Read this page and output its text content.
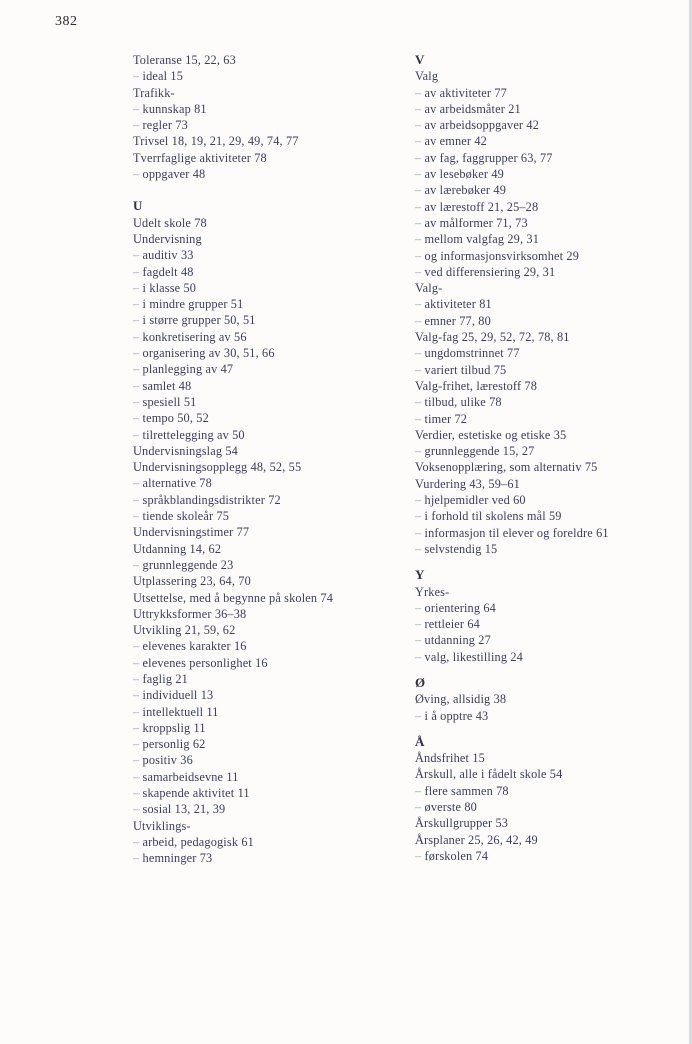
382
Toleranse 15, 22, 63
– ideal 15
Trafikk-
– kunnskap 81
– regler 73
Trivsel 18, 19, 21, 29, 49, 74, 77
Tverrfaglige aktiviteter 78
– oppgaver 48
U
Udelt skole 78
Undervisning
– auditiv 33
– fagdelt 48
– i klasse 50
– i mindre grupper 51
– i større grupper 50, 51
– konkretisering av 56
– organisering av 30, 51, 66
– planlegging av 47
– samlet 48
– spesiell 51
– tempo 50, 52
– tilrettelegging av 50
Undervisningslag 54
Undervisningsopplegg 48, 52, 55
– alternative 78
– språkblandingsdistrikter 72
– tiende skoleår 75
Undervisningstimer 77
Utdanning 14, 62
– grunnleggende 23
Utplassering 23, 64, 70
Utsettelse, med å begynne på skolen 74
Uttrykksformer 36–38
Utvikling 21, 59, 62
– elevenes karakter 16
– elevenes personlighet 16
– faglig 21
– individuell 13
– intellektuell 11
– kroppslig 11
– personlig 62
– positiv 36
– samarbeidsevne 11
– skapende aktivitet 11
– sosial 13, 21, 39
Utviklings-
– arbeid, pedagogisk 61
– hemninger 73
V
Valg
– av aktiviteter 77
– av arbeidsmåter 21
– av arbeidsoppgaver 42
– av emner 42
– av fag, faggrupper 63, 77
– av lesebøker 49
– av lærebøker 49
– av lærestoff 21, 25–28
– av målformer 71, 73
– mellom valgfag 29, 31
– og informasjonsvirksomhet 29
– ved differensiering 29, 31
Valg-
– aktiviteter 81
– emner 77, 80
Valg-fag 25, 29, 52, 72, 78, 81
– ungdomstrinnet 77
– variert tilbud 75
Valg-frihet, lærestoff 78
– tilbud, ulike 78
– timer 72
Verdier, estetiske og etiske 35
– grunnleggende 15, 27
Voksenopplæring, som alternativ 75
Vurdering 43, 59–61
– hjelpemidler ved 60
– i forhold til skolens mål 59
– informasjon til elever og foreldre 61
– selvstendig 15
Y
Yrkes-
– orientering 64
– rettleier 64
– utdanning 27
– valg, likestilling 24
Ø
Øving, allsidig 38
– i å opptre 43
Å
Åndsfrihet 15
Årskull, alle i fådelt skole 54
– flere sammen 78
– øverste 80
Årskullgrupper 53
Årsplaner 25, 26, 42, 49
– førskolen 74
